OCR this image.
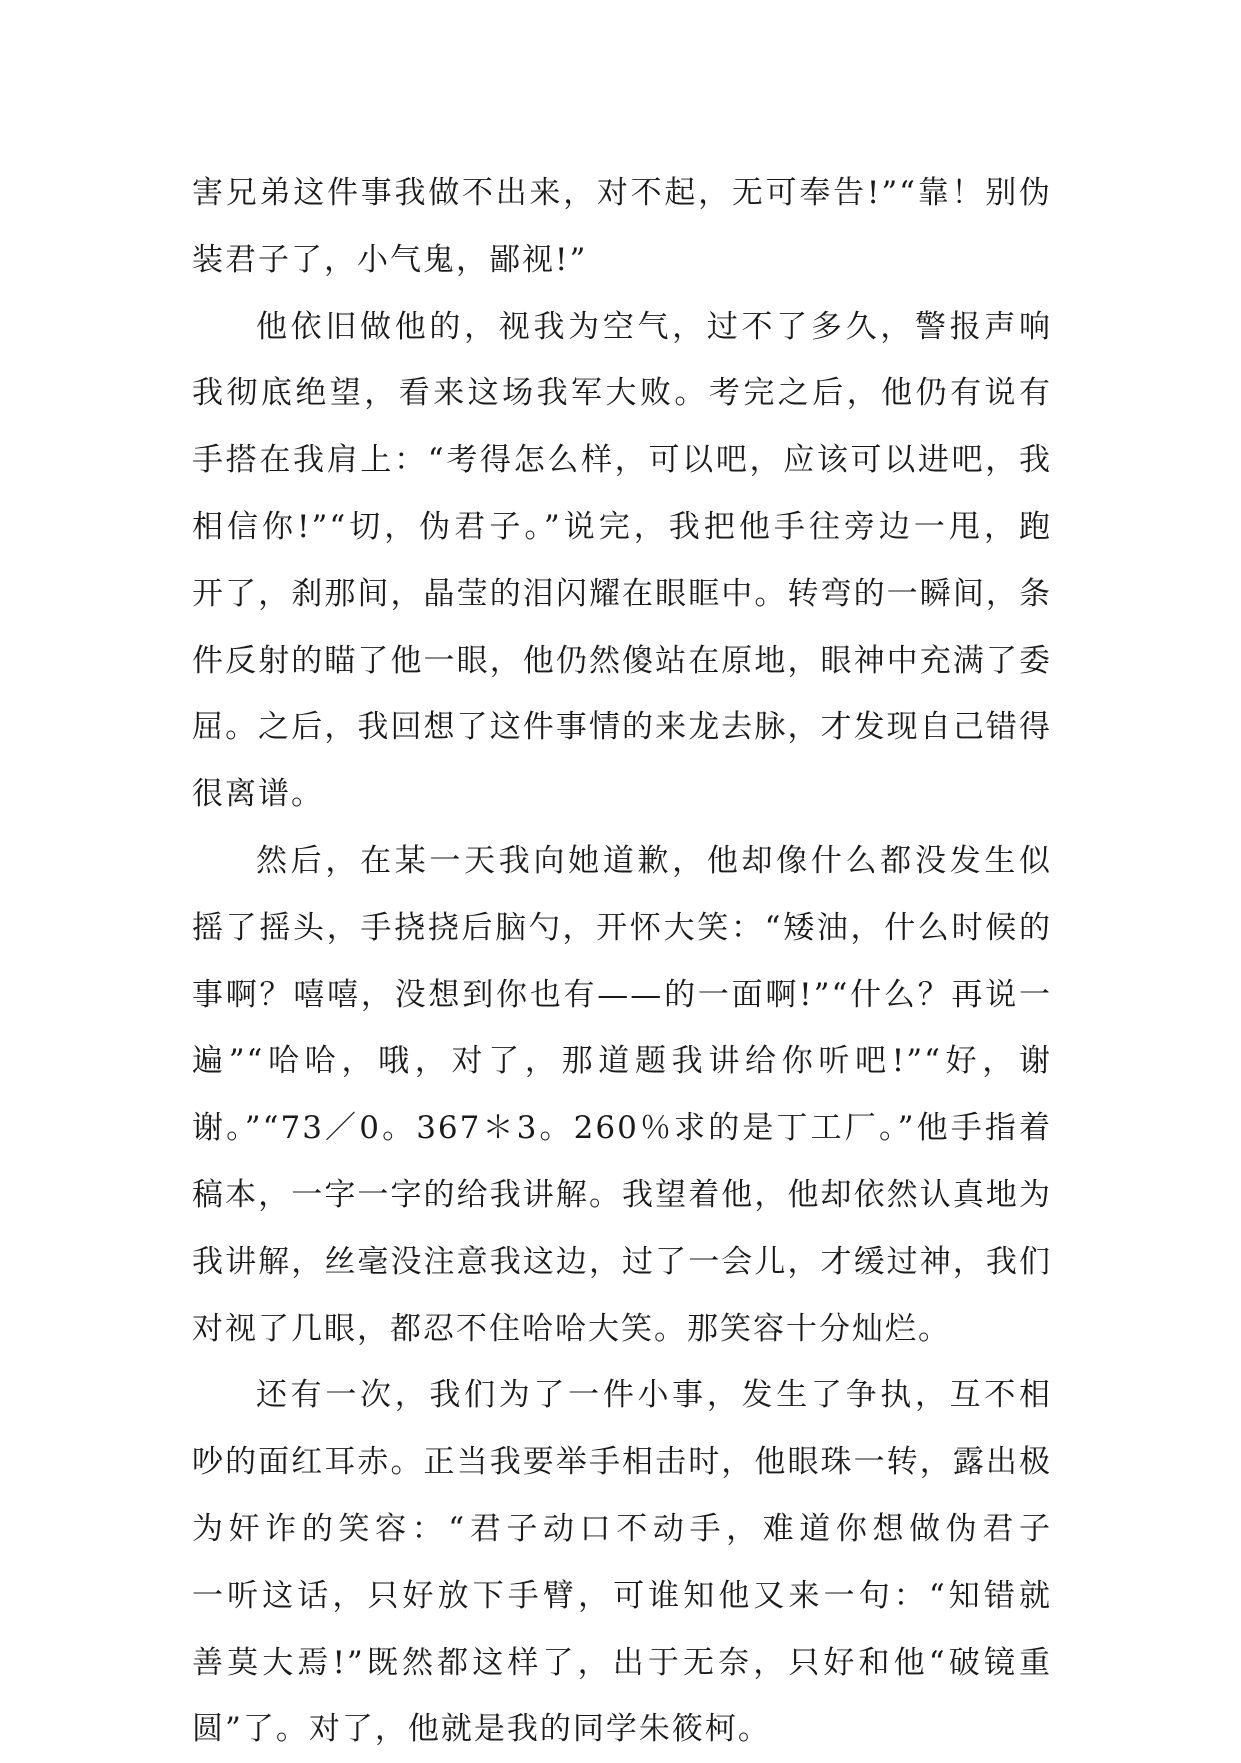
害兄弟这件事我做不出来，对不起，无可奉告!”“靠！别伪
装君子了，小气鬼，鄙视!”
他依旧做他的，视我为空气，过不了多久，警报声响
我彻底绝望，看来这场我军大败。考完之后，他仍有说有
手搭在我肩上：“考得怎么样，可以吧，应该可以进吧，我
相信你!”“切，伪君子。”说完，我把他手往旁边一甩，跑
开了，刹那间，晶莹的泪闪耀在眼眶中。转弯的一瞬间，条
件反射的瞄了他一眼，他仍然傻站在原地，眼神中充满了委
屈。之后，我回想了这件事情的来龙去脉，才发现自己错得
很离谱。
然后，在某一天我向她道歉，他却像什么都没发生似
摇了摇头，手挠挠后脑勺，开怀大笑：“矮油，什么时候的
事啊？嘻嘻，没想到你也有——的一面啊!”“什么？再说一
遍”“哈哈，哦，对了，那道题我讲给你听吧!”“好，谢
谢。”“73／0。367＊3。260％求的是丁工厂。”他手指着
稿本，一字一字的给我讲解。我望着他，他却依然认真地为
我讲解，丝毫没注意我这边，过了一会儿，才缓过神，我们
对视了几眼，都忍不住哈哈大笑。那笑容十分灿烂。
还有一次，我们为了一件小事，发生了争执，互不相
吵的面红耳赤。正当我要举手相击时，他眼珠一转，露出极
为奸诈的笑容：“君子动口不动手，难道你想做伪君子
一听这话，只好放下手臂，可谁知他又来一句：“知错就
善莫大焉!”既然都这样了，出于无奈，只好和他“破镜重
圆”了。对了，他就是我的同学朱筱柯。
